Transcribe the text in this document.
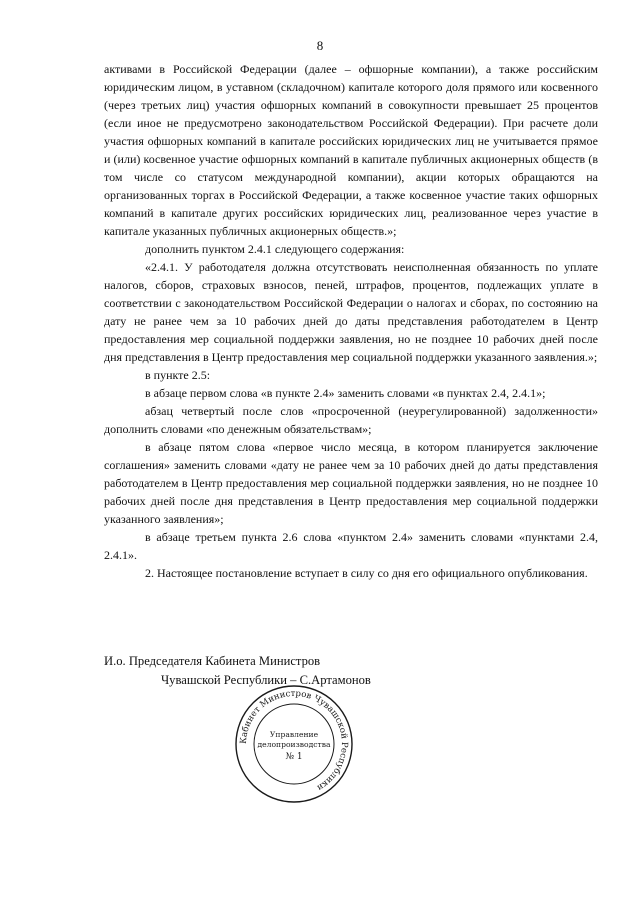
8

активами в Российской Федерации (далее – офшорные компании), а также российским юридическим лицом, в уставном (складочном) капитале которого доля прямого или косвенного (через третьих лиц) участия офшорных компаний в совокупности превышает 25 процентов (если иное не предусмотрено законодательством Российской Федерации). При расчете доли участия офшорных компаний в капитале российских юридических лиц не учитывается прямое и (или) косвенное участие офшорных компаний в капитале публичных акционерных обществ (в том числе со статусом международной компании), акции которых обращаются на организованных торгах в Российской Федерации, а также косвенное участие таких офшорных компаний в капитале других российских юридических лиц, реализованное через участие в капитале указанных публичных акционерных обществ.»;

дополнить пунктом 2.4.1 следующего содержания:

«2.4.1. У работодателя должна отсутствовать неисполненная обязанность по уплате налогов, сборов, страховых взносов, пеней, штрафов, процентов, подлежащих уплате в соответствии с законодательством Российской Федерации о налогах и сборах, по состоянию на дату не ранее чем за 10 рабочих дней до даты представления работодателем в Центр предоставления мер социальной поддержки заявления, но не позднее 10 рабочих дней после дня представления в Центр предоставления мер социальной поддержки указанного заявления.»;

в пункте 2.5:

в абзаце первом слова «в пункте 2.4» заменить словами «в пунктах 2.4, 2.4.1»;

абзац четвертый после слов «просроченной (неурегулированной) задолженности» дополнить словами «по денежным обязательствам»;

в абзаце пятом слова «первое число месяца, в котором планируется заключение соглашения» заменить словами «дату не ранее чем за 10 рабочих дней до даты представления работодателем в Центр предоставления мер социальной поддержки заявления, но не позднее 10 рабочих дней после дня представления в Центр предоставления мер социальной поддержки указанного заявления»;

в абзаце третьем пункта 2.6 слова «пунктом 2.4» заменить словами «пунктами 2.4, 2.4.1».

2. Настоящее постановление вступает в силу со дня его официального опубликования.

И.о. Председателя Кабинета Министров
Чувашской Республики – С.Артамонов
Кабинет Министров Чувашской Республики
Управление
делопроизводства
№ 1
